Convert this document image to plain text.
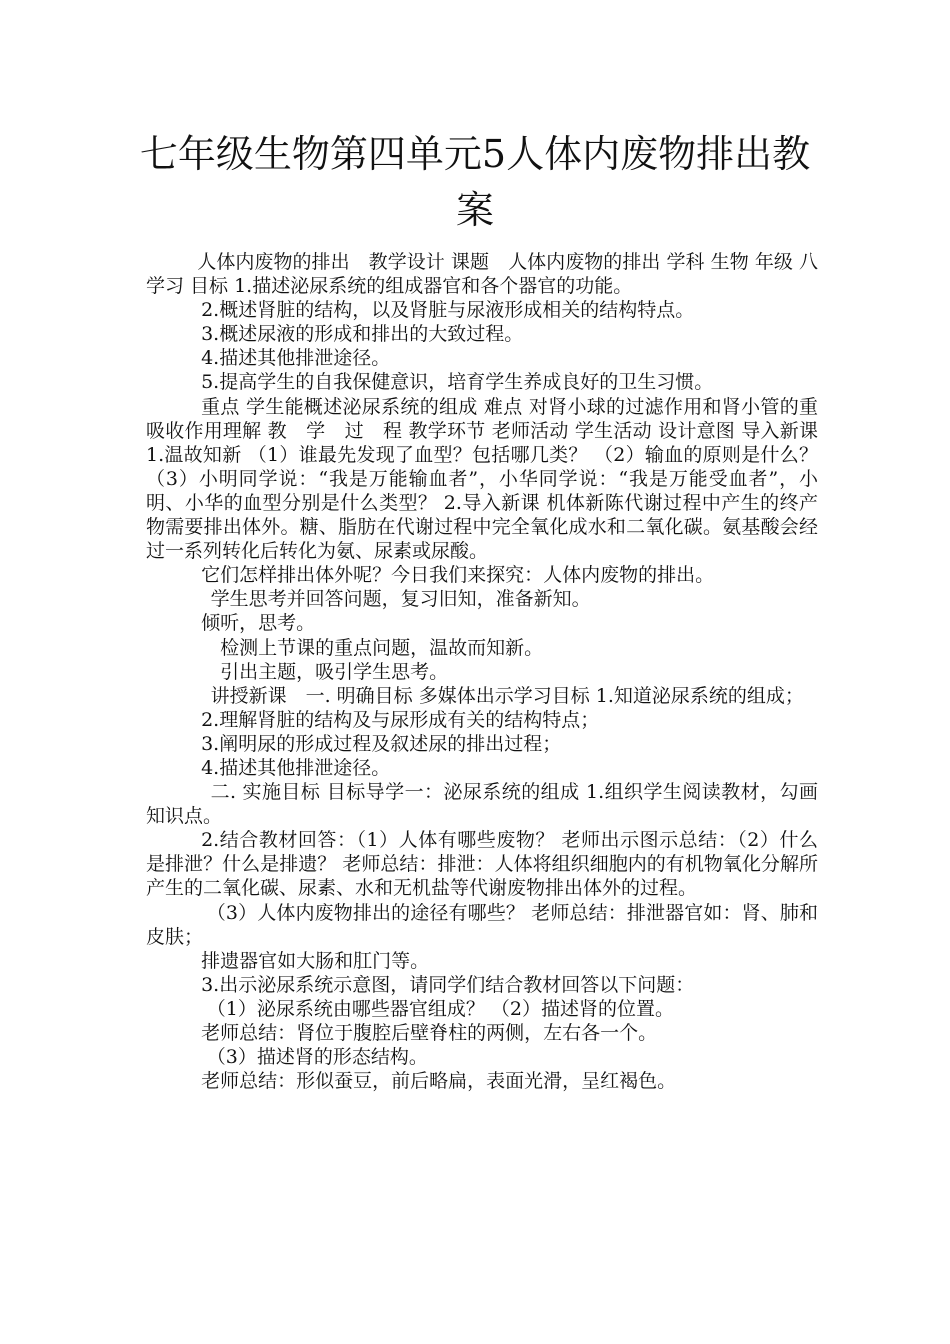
七年级生物第四单元5人体内废物排出教案

人体内废物的排出　教学设计 课题　人体内废物的排出 学科 生物 年级 八 学习 目标 1.描述泌尿系统的组成器官和各个器官的功能。

2.概述肾脏的结构，以及肾脏与尿液形成相关的结构特点。

3.概述尿液的形成和排出的大致过程。

4.描述其他排泄途径。

5.提高学生的自我保健意识，培育学生养成良好的卫生习惯。

重点 学生能概述泌尿系统的组成 难点 对肾小球的过滤作用和肾小管的重吸收作用理解 教　学　过　程 教学环节 老师活动 学生活动 设计意图 导入新课 1.温故知新 （1）谁最先发现了血型？包括哪几类？ （2）输血的原则是什么？ （3）小明同学说：“我是万能输血者”，小华同学说：“我是万能受血者”，小明、小华的血型分别是什么类型？ 2.导入新课 机体新陈代谢过程中产生的终产物需要排出体外。糖、脂肪在代谢过程中完全氧化成水和二氧化碳。氨基酸会经过一系列转化后转化为氨、尿素或尿酸。

它们怎样排出体外呢？今日我们来探究：人体内废物的排出。

学生思考并回答问题，复习旧知，准备新知。

倾听，思考。

检测上节课的重点问题，温故而知新。

引出主题，吸引学生思考。

讲授新课　一. 明确目标 多媒体出示学习目标 1.知道泌尿系统的组成；

2.理解肾脏的结构及与尿形成有关的结构特点；

3.阐明尿的形成过程及叙述尿的排出过程；

4.描述其他排泄途径。

二. 实施目标 目标导学一：泌尿系统的组成 1.组织学生阅读教材，勾画知识点。

2.结合教材回答：（1）人体有哪些废物？ 老师出示图示总结：（2）什么是排泄？什么是排遗？ 老师总结：排泄：人体将组织细胞内的有机物氧化分解所产生的二氧化碳、尿素、水和无机盐等代谢废物排出体外的过程。

（3）人体内废物排出的途径有哪些？ 老师总结：排泄器官如：肾、肺和皮肤；

排遗器官如大肠和肛门等。

3.出示泌尿系统示意图，请同学们结合教材回答以下问题：

（1）泌尿系统由哪些器官组成？ （2）描述肾的位置。

老师总结：肾位于腹腔后壁脊柱的两侧，左右各一个。

（3）描述肾的形态结构。

老师总结：形似蚕豆，前后略扁，表面光滑，呈红褐色。
